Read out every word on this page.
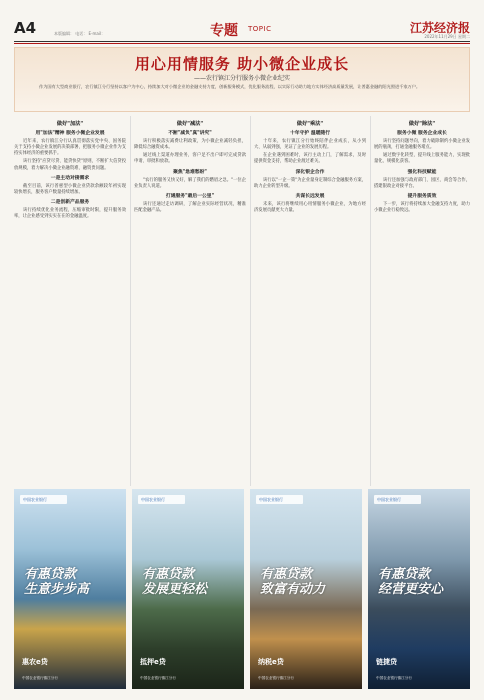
A4	本版编辑： 电话： E-mail：	专题 TOPIC	江苏经济报
2022年11月29日 星期二
用心用情服务 助小微企业成长
——农行镇江分行服务小微企业纪实
作为国有大型商业银行，农行镇江分行坚持以客户为中心，持续加大对小微企业的金融支持力度，创新服务模式，优化服务流程，以实际行动助力地方实体经济高质量发展，让普惠金融的阳光照进千家万户。
做好"加法"
用"加法"精神 服务小微企业发展

近年来，农行镇江分行认真贯彻落实党中央、国务院关于支持小微企业发展的决策部署，把服务小微企业作为支持实体经济的重要抓手。

该行坚持"应贷尽贷、能贷快贷"原则，不断扩大信贷投放规模，着力解决小微企业融资难、融资贵问题。

一是主动对接需求

截至目前，该行普惠型小微企业贷款余额较年初实现较快增长，服务客户数量持续增加。

二是创新产品服务

该行持续优化业务流程，压缩审批时限，提升服务效率，让企业感受到实实在在的金融温度。

做好"减法"
不断"减负"真"讲究"

该行积极落实减费让利政策，为小微企业减轻负担，降低综合融资成本。

通过线上渠道办理业务，客户足不出户即可完成贷款申请、审批和放款。

聚焦"急难愁盼"

"农行的服务又快又好，解了我们的燃眉之急。"一位企业负责人说道。

打通服务"最后一公里"

该行还通过走访调研，了解企业实际经营状况，精准匹配金融产品。

做好"乘法"
十年守护 温暖随行

十年来，农行镇江分行始终陪伴企业成长，从小到大、从弱到强，见证了企业的发展历程。

在企业遇到困难时，该行主动上门，了解需求，及时提供资金支持，帮助企业渡过难关。

深化银企合作

该行以"一企一策"为企业量身定制综合金融服务方案，助力企业转型升级。

共谋长远发展

未来，该行将继续用心用情服务小微企业，为地方经济发展贡献更大力量。

做好"除法"
服务小微 服务企业成长

该行坚持问题导向，着力破除制约小微企业发展的瓶颈，打通金融服务堵点。

通过数字化转型，提升线上服务能力，实现批量化、规模化获客。

强化科技赋能

该行还加强与政府部门、园区、商会等合作，搭建银政企对接平台。

提升服务质效

下一步，该行将持续加大金融支持力度，助力小微企业行稳致远。

中国农业银行
有惠贷款
生意步步高
惠农e贷
中国农业银行镇江分行
中国农业银行
有惠贷款
发展更轻松
抵押e贷
中国农业银行镇江分行
中国农业银行
有惠贷款
致富有动力
纳税e贷
中国农业银行镇江分行
中国农业银行
有惠贷款
经营更安心
链捷贷
中国农业银行镇江分行
